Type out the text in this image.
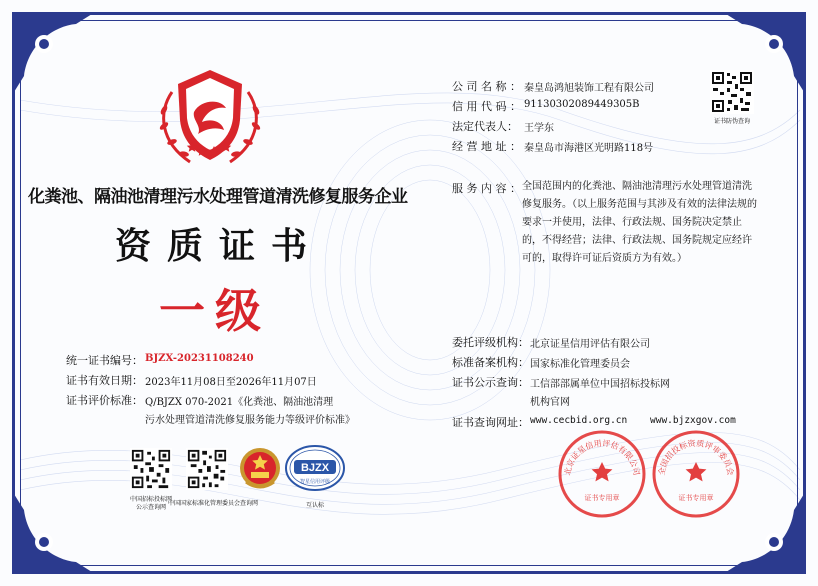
化粪池、隔油池清理污水处理管道清洗修复服务企业
资质证书
一级
公 司 名 称 ： 秦皇岛鸿旭装饰工程有限公司
信 用 代 码 ： 91130302089449305B
法定代表人： 王学东
经 营 地 址 ： 秦皇岛市海港区光明路118号
证书防伪查询
服 务 内 容 ： 全国范围内的化粪池、隔油池清理污水处理管道清洗修复服务。（以上服务范围与其涉及有效的法律法规的要求一并使用，法律、行政法规、国务院决定禁止的，不得经营；法律、行政法规、国务院规定应经许可的，取得许可证后资质方为有效。）
统一证书编号： BJZX-20231108240
证书有效日期： 2023年11月08日至2026年11月07日
证书评价标准： Q/BJZX 070-2021《化粪池、隔油池清理
污水处理管道清洗修复服务能力等级评价标准》
委托评级机构： 北京证星信用评估有限公司
标准备案机构： 国家标准化管理委员会
证书公示查询： 工信部部属单位中国招标投标网
机构官网
证书查询网址： www.cecbid.org.cn www.bjzxgov.com
中国招标投标网
公示查询网
中国国家标准化管理委员会查询网
BJZX
智星信用评级
互认标
北京证星信用评估有限公司
证书专用章
全国招投标资质评审委员会
证书专用章
